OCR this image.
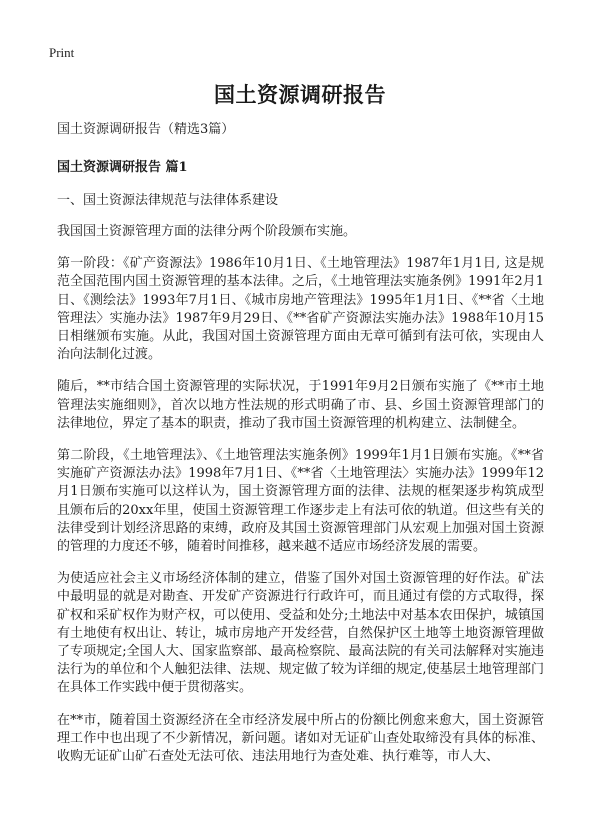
Print
国土资源调研报告

国土资源调研报告（精选3篇）

国土资源调研报告 篇1

一、国土资源法律规范与法律体系建设

我国国土资源管理方面的法律分两个阶段颁布实施。

第一阶段：《矿产资源法》1986年10月1日、《土地管理法》1987年1月1日, 这是规范全国范围内国土资源管理的基本法律。之后，《土地管理法实施条例》1991年2月1日、《测绘法》1993年7月1日、《城市房地产管理法》1995年1月1日、《**省〈土地管理法〉实施办法》1987年9月29日、《**省矿产资源法实施办法》1988年10月15日相继颁布实施。从此，我国对国土资源管理方面由无章可循到有法可依，实现由人治向法制化过渡。

随后，**市结合国土资源管理的实际状况，于1991年9月2日颁布实施了《**市土地管理法实施细则》，首次以地方性法规的形式明确了市、县、乡国土资源管理部门的法律地位，界定了基本的职责，推动了我市国土资源管理的机构建立、法制健全。

第二阶段，《土地管理法》、《土地管理法实施条例》1999年1月1日颁布实施。《**省实施矿产资源法办法》1998年7月1日、《**省〈土地管理法〉实施办法》1999年12月1日颁布实施可以这样认为，国土资源管理方面的法律、法规的框架逐步构筑成型且颁布后的20xx年里，使国土资源管理工作逐步走上有法可依的轨道。但这些有关的法律受到计划经济思路的束缚，政府及其国土资源管理部门从宏观上加强对国土资源的管理的力度还不够，随着时间推移，越来越不适应市场经济发展的需要。

为使适应社会主义市场经济体制的建立，借鉴了国外对国土资源管理的好作法。矿法中最明显的就是对勘查、开发矿产资源进行行政许可，而且通过有偿的方式取得，探矿权和采矿权作为财产权，可以使用、受益和处分;土地法中对基本农田保护，城镇国有土地使有权出让、转让，城市房地产开发经营，自然保护区土地等土地资源管理做了专项规定;全国人大、国家监察部、最高检察院、最高法院的有关司法解释对实施违法行为的单位和个人触犯法律、法规、规定做了较为详细的规定,使基层土地管理部门在具体工作实践中便于贯彻落实。

在**市，随着国土资源经济在全市经济发展中所占的份额比例愈来愈大，国土资源管理工作中也出现了不少新情况，新问题。诸如对无证矿山查处取缔没有具体的标准、收购无证矿山矿石查处无法可依、违法用地行为查处难、执行难等，市人大、
